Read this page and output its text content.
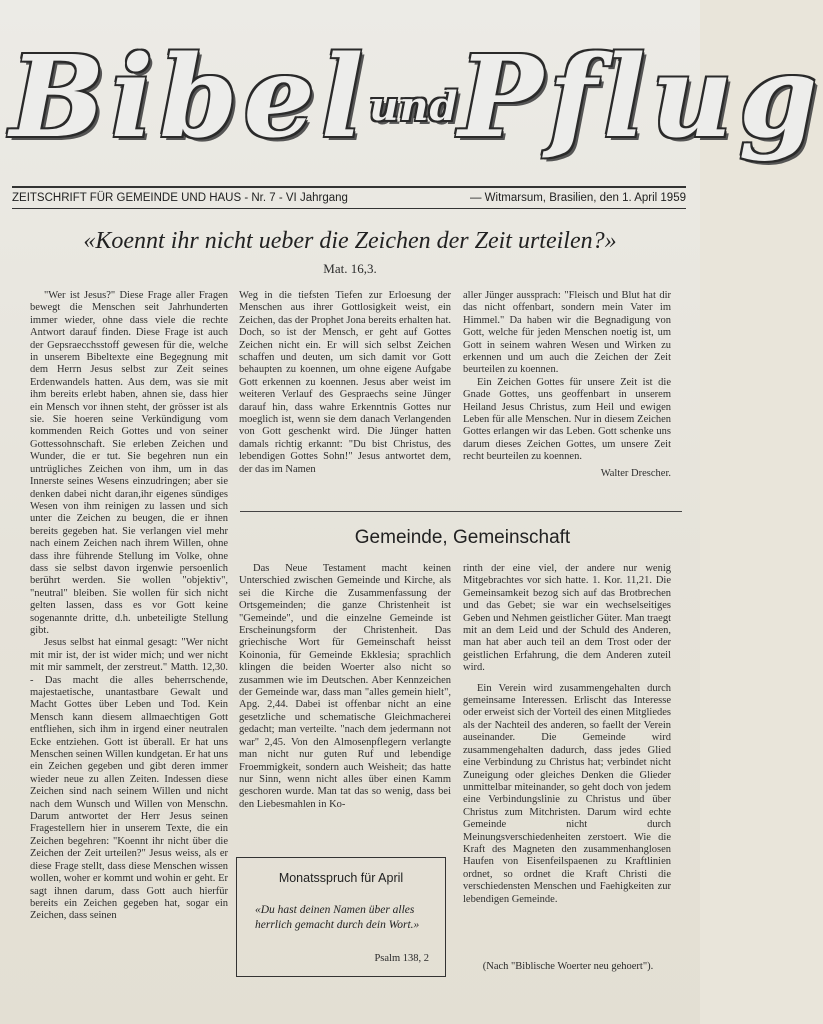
BibelundPflug
ZEITSCHRIFT FÜR GEMEINDE UND HAUS - Nr. 7 - VI Jahrgang	— Witmarsum, Brasilien, den 1. April 1959
«Koennt ihr nicht ueber die Zeichen der Zeit urteilen?»
Mat. 16,3.

"Wer ist Jesus?" Diese Frage aller Fragen bewegt die Menschen seit Jahrhunderten immer wieder, ohne dass viele die rechte Antwort darauf finden. Diese Frage ist auch der Gepsraecchsstoff gewesen für die, welche in unserem Bibeltexte eine Begegnung mit dem Herrn Jesus selbst zur Zeit seines Erdenwandels hatten. Aus dem, was sie mit ihm bereits erlebt haben, ahnen sie, dass hier ein Mensch vor ihnen steht, der grösser ist als sie. Sie hoeren seine Verkündigung vom kommenden Reich Gottes und von seiner Gottessohnschaft. Sie erleben Zeichen und Wunder, die er tut. Sie begehren nun ein untrügliches Zeichen von ihm, um in das Innerste seines Wesens einzudringen; aber sie denken dabei nicht daran,ihr eigenes sündiges Wesen von ihm reinigen zu lassen und sich unter die Zeichen zu beugen, die er ihnen bereits gegeben hat. Sie verlangen viel mehr nach einem Zeichen nach ihrem Willen, ohne dass ihre führende Stellung im Volke, ohne dass sie selbst davon irgenwie persoenlich berührt werden. Sie wollen "objektiv", "neutral" bleiben. Sie wollen für sich nicht gelten lassen, dass es vor Gott keine sogenannte dritte, d.h. unbeteiligte Stellung gibt.

Jesus selbst hat einmal gesagt: "Wer nicht mit mir ist, der ist wider mich; und wer nicht mit mir sammelt, der zerstreut." Matth. 12,30. - Das macht die alles beherrschende, majestaetische, unantastbare Gewalt und Macht Gottes über Leben und Tod. Kein Mensch kann diesem allmaechtigen Gott entfliehen, sich ihm in irgend einer neutralen Ecke entziehen. Gott ist überall. Er hat uns Menschen seinen Willen kundgetan. Er hat uns ein Zeichen gegeben und gibt deren immer wieder neue zu allen Zeiten. Indessen diese Zeichen sind nach seinem Willen und nicht nach dem Wunsch und Willen von Menschn. Darum antwortet der Herr Jesus seinen Fragestellern hier in unserem Texte, die ein Zeichen begehren: "Koennt ihr nicht über die Zeichen der Zeit urteilen?" Jesus weiss, als er diese Frage stellt, dass diese Menschen wissen wollen, woher er kommt und wohin er geht. Er sagt ihnen darum, dass Gott auch hierfür bereits ein Zeichen gegeben hat, sogar ein Zeichen, dass seinen

Weg in die tiefsten Tiefen zur Erloesung der Menschen aus ihrer Gottlosigkeit weist, ein Zeichen, das der Prophet Jona bereits erhalten hat. Doch, so ist der Mensch, er geht auf Gottes Zeichen nicht ein. Er will sich selbst Zeichen schaffen und deuten, um sich damit vor Gott behaupten zu koennen, um ohne eigene Aufgabe Gott erkennen zu koennen. Jesus aber weist im weiteren Verlauf des Gespraechs seine Jünger darauf hin, dass wahre Erkenntnis Gottes nur moeglich ist, wenn sie dem danach Verlangenden von Gott geschenkt wird. Die Jünger hatten damals richtig erkannt: "Du bist Christus, des lebendigen Gottes Sohn!" Jesus antwortet dem, der das im Namen

aller Jünger aussprach: "Fleisch und Blut hat dir das nicht offenbart, sondern mein Vater im Himmel." Da haben wir die Begnadigung von Gott, welche für jeden Menschen noetig ist, um Gott in seinem wahren Wesen und Wirken zu erkennen und um auch die Zeichen der Zeit beurteilen zu koennen.

Ein Zeichen Gottes für unsere Zeit ist die Gnade Gottes, uns geoffenbart in unserem Heiland Jesus Christus, zum Heil und ewigen Leben für alle Menschen. Nur in diesem Zeichen Gottes erlangen wir das Leben. Gott schenke uns darum dieses Zeichen Gottes, um unsere Zeit recht beurteilen zu koennen.

Walter Drescher.
Gemeinde, Gemeinschaft

Das Neue Testament macht keinen Unterschied zwischen Gemeinde und Kirche, als sei die Kirche die Zusammenfassung der Ortsgemeinden; die ganze Christenheit ist "Gemeinde", und die einzelne Gemeinde ist Erscheinungsform der Christenheit. Das griechische Wort für Gemeinschaft heisst Koinonia, für Gemeinde Ekklesia; sprachlich klingen die beiden Woerter also nicht so zusammen wie im Deutschen. Aber Kennzeichen der Gemeinde war, dass man "alles gemein hielt", Apg. 2,44. Dabei ist offenbar nicht an eine gesetzliche und schematische Gleichmacherei gedacht; man verteilte. "nach dem jedermann not war" 2,45. Von den Almosenpflegern verlangte man nicht nur guten Ruf und lebendige Froemmigkeit, sondern auch Weisheit; das hatte nur Sinn, wenn nicht alles über einen Kamm geschoren wurde. Man tat das so wenig, dass bei den Liebesmahlen in Ko-

rinth der eine viel, der andere nur wenig Mitgebrachtes vor sich hatte. 1. Kor. 11,21. Die Gemeinsamkeit bezog sich auf das Brotbrechen und das Gebet; sie war ein wechselseitiges Geben und Nehmen geistlicher Güter. Man traegt mit an dem Leid und der Schuld des Anderen, man hat aber auch teil an dem Trost oder der geistlichen Erfahrung, die dem Anderen zuteil wird.

Ein Verein wird zusammengehalten durch gemeinsame Interessen. Erlischt das Interesse oder erweist sich der Vorteil des einen Mitgliedes als der Nachteil des anderen, so faellt der Verein auseinander. Die Gemeinde wird zusammengehalten dadurch, dass jedes Glied eine Verbindung zu Christus hat; verbindet nicht Zuneigung oder gleiches Denken die Glieder unmittelbar miteinander, so geht doch von jedem eine Verbindungslinie zu Christus und über Christus zum Mitchristen. Darum wird echte Gemeinde nicht durch Meinungsverschiedenheiten zerstoert. Wie die Kraft des Magneten den zusammenhanglosen Haufen von Eisenfeilspaenen zu Kraftlinien ordnet, so ordnet die Kraft Christi die verschiedensten Menschen und Faehigkeiten zur lebendigen Gemeinde.

(Nach "Biblische Woerter neu gehoert").
Monatsspruch für April
«Du hast deinen Namen über alles herrlich gemacht durch dein Wort.»
Psalm 138, 2
